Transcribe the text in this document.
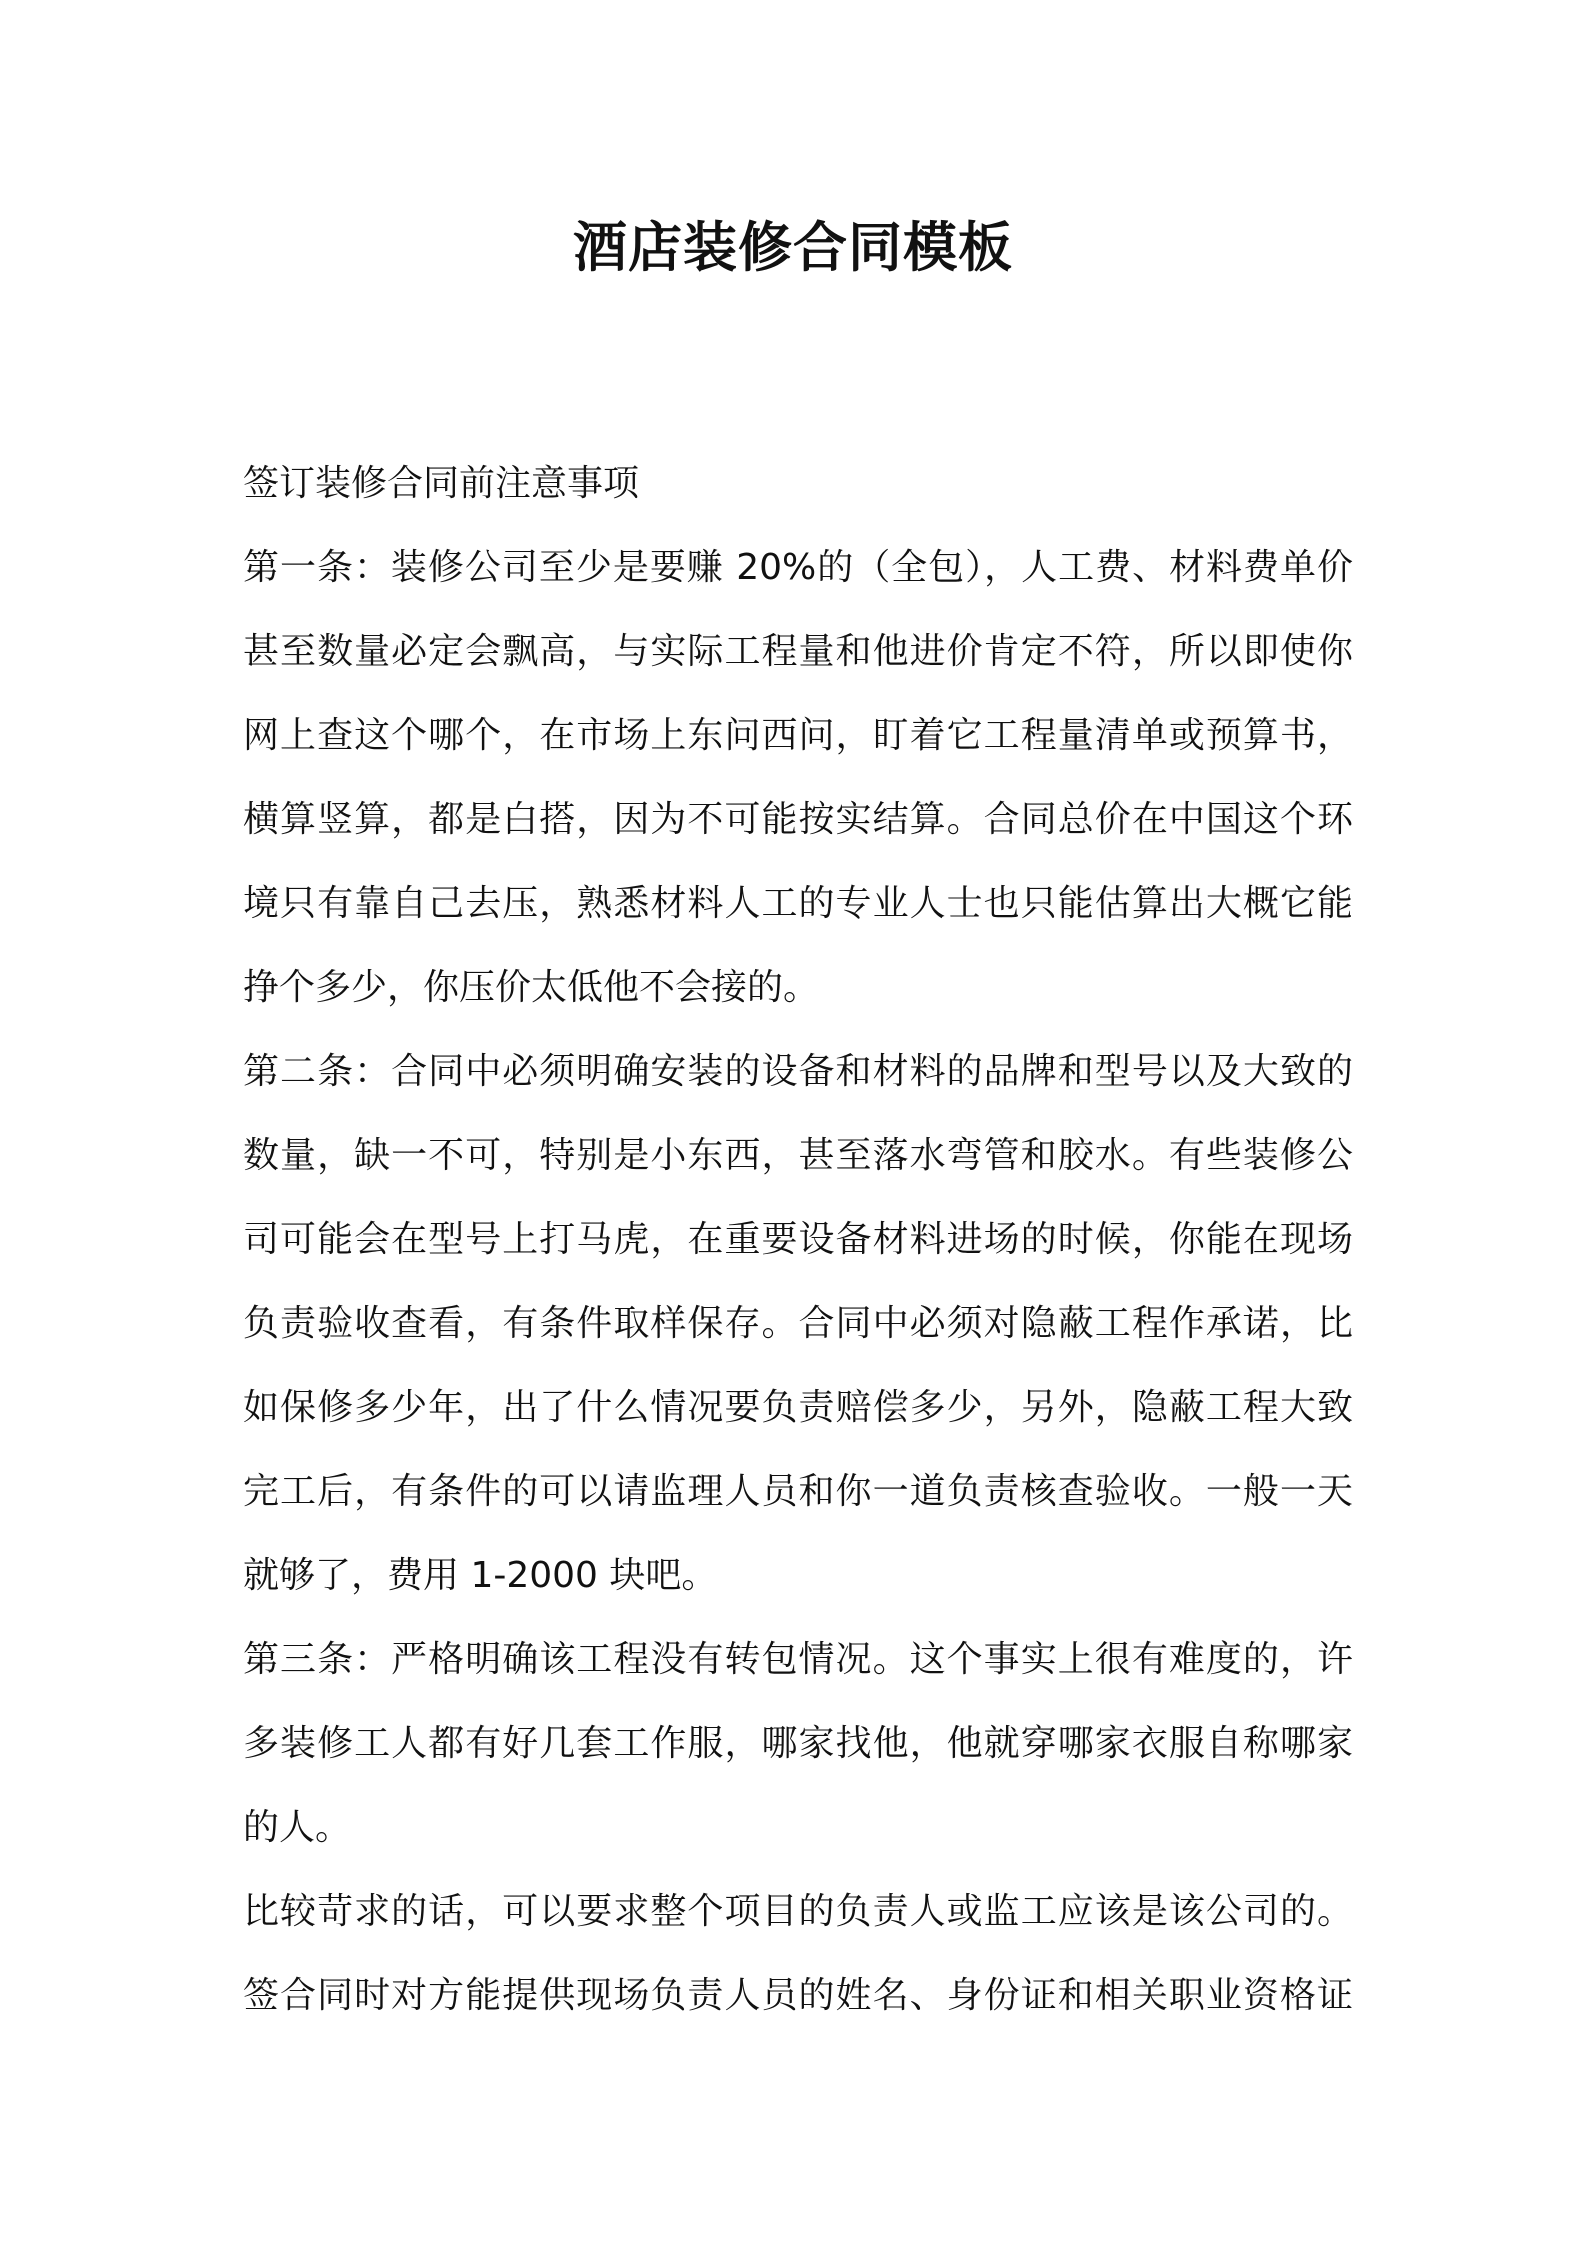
酒店装修合同模板
签订装修合同前注意事项
第一条：装修公司至少是要赚 20%的（全包），人工费、材料费单价
甚至数量必定会飘高，与实际工程量和他进价肯定不符，所以即使你
网上查这个哪个，在市场上东问西问，盯着它工程量清单或预算书，
横算竖算，都是白搭，因为不可能按实结算。合同总价在中国这个环
境只有靠自己去压，熟悉材料人工的专业人士也只能估算出大概它能
挣个多少，你压价太低他不会接的。
第二条：合同中必须明确安装的设备和材料的品牌和型号以及大致的
数量，缺一不可，特别是小东西，甚至落水弯管和胶水。有些装修公
司可能会在型号上打马虎，在重要设备材料进场的时候，你能在现场
负责验收查看，有条件取样保存。合同中必须对隐蔽工程作承诺，比
如保修多少年，出了什么情况要负责赔偿多少，另外，隐蔽工程大致
完工后，有条件的可以请监理人员和你一道负责核查验收。一般一天
就够了，费用 1-2000 块吧。
第三条：严格明确该工程没有转包情况。这个事实上很有难度的，许
多装修工人都有好几套工作服，哪家找他，他就穿哪家衣服自称哪家
的人。
比较苛求的话，可以要求整个项目的负责人或监工应该是该公司的。
签合同时对方能提供现场负责人员的姓名、身份证和相关职业资格证
